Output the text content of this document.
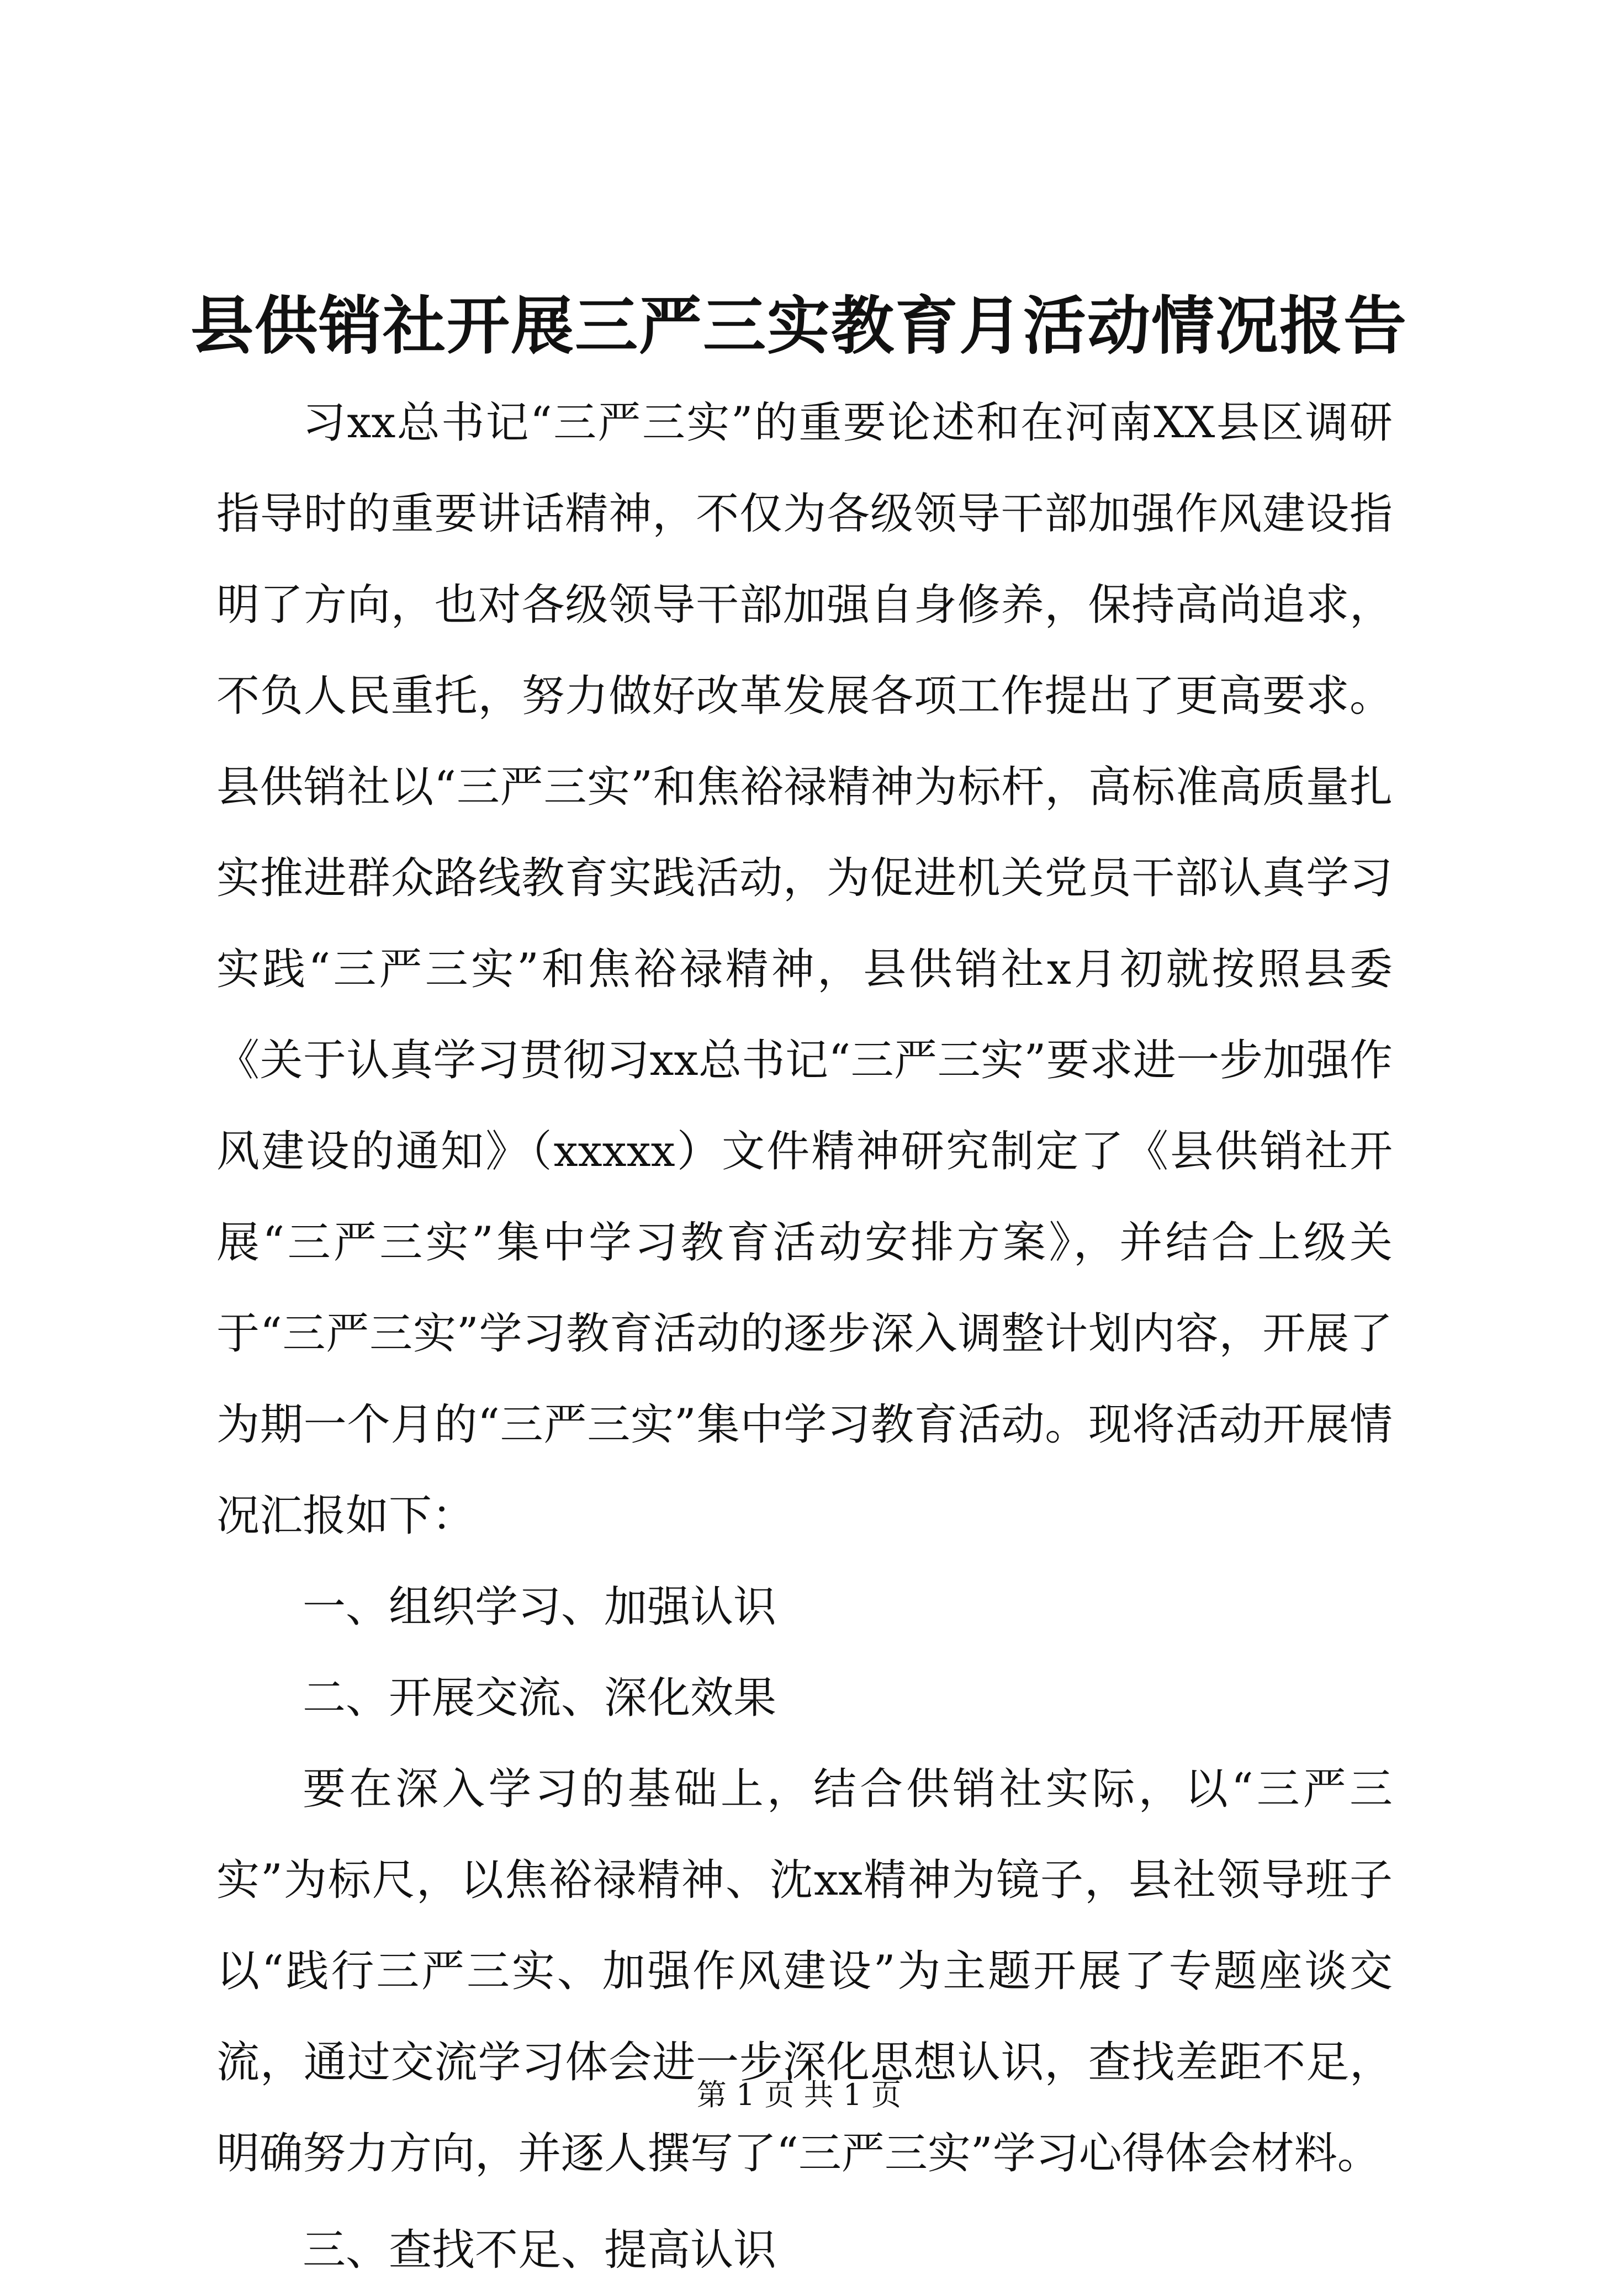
县供销社开展三严三实教育月活动情况报告

习xx总书记“三严三实”的重要论述和在河南XX县区调研指导时的重要讲话精神，不仅为各级领导干部加强作风建设指明了方向，也对各级领导干部加强自身修养，保持高尚追求，不负人民重托，努力做好改革发展各项工作提出了更高要求。县供销社以“三严三实”和焦裕禄精神为标杆，高标准高质量扎实推进群众路线教育实践活动，为促进机关党员干部认真学习实践“三严三实”和焦裕禄精神，县供销社x月初就按照县委《关于认真学习贯彻习xx总书记“三严三实”要求进一步加强作风建设的通知》（xxxxx）文件精神研究制定了《县供销社开展“三严三实”集中学习教育活动安排方案》，并结合上级关于“三严三实”学习教育活动的逐步深入调整计划内容，开展了为期一个月的“三严三实”集中学习教育活动。现将活动开展情况汇报如下：

一、组织学习、加强认识

二、开展交流、深化效果

要在深入学习的基础上，结合供销社实际，以“三严三实”为标尺，以焦裕禄精神、沈xx精神为镜子，县社领导班子以“践行三严三实、加强作风建设”为主题开展了专题座谈交流，通过交流学习体会进一步深化思想认识，查找差距不足，明确努力方向，并逐人撰写了“三严三实”学习心得体会材料。

三、查找不足、提高认识

第 1 页 共 1 页
